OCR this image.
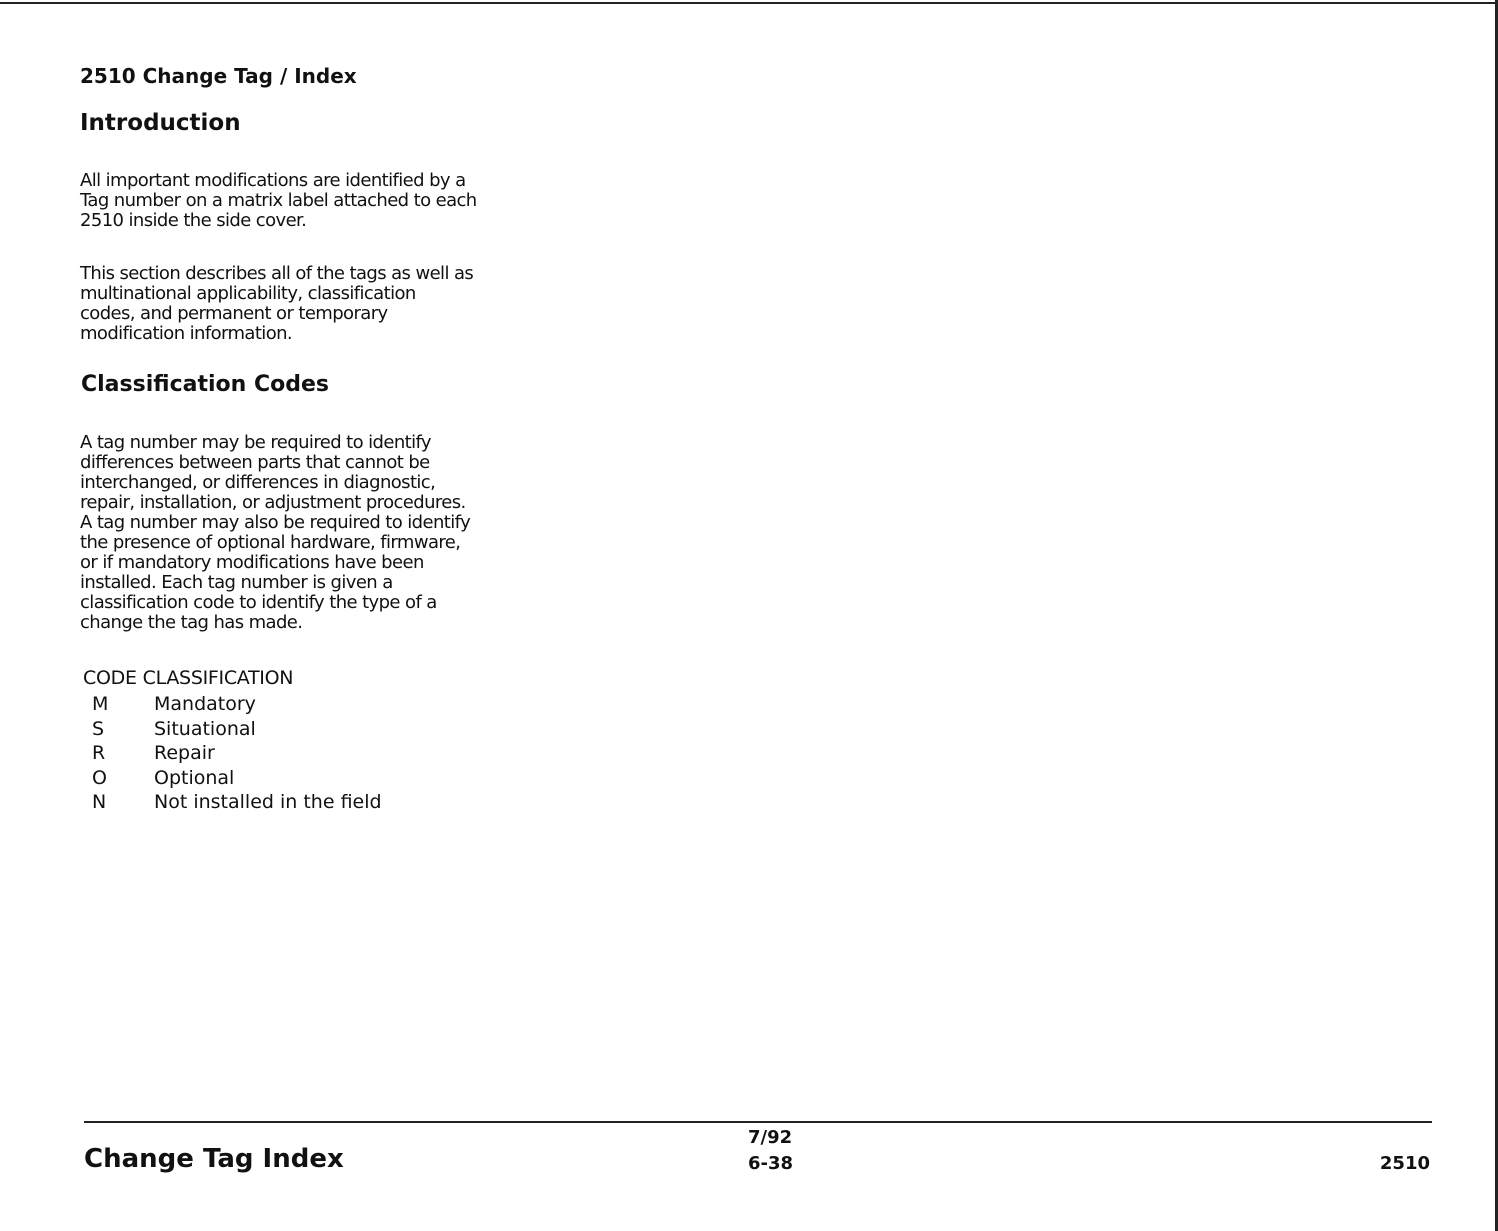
2510 Change Tag / Index
Introduction
All important modifications are identified by a
Tag number on a matrix label attached to each
2510 inside the side cover.
This section describes all of the tags as well as
multinational applicability, classification
codes, and permanent or temporary
modification information.
Classification Codes
A tag number may be required to identify
differences between parts that cannot be
interchanged, or differences in diagnostic,
repair, installation, or adjustment procedures.
A tag number may also be required to identify
the presence of optional hardware, firmware,
or if mandatory modifications have been
installed. Each tag number is given a
classification code to identify the type of a
change the tag has made.
CODE CLASSIFICATION
M Mandatory
S	Situational
R	Repair
O Optional
N	Not installed in the field
Change Tag Index
7/92
6-38	2510
